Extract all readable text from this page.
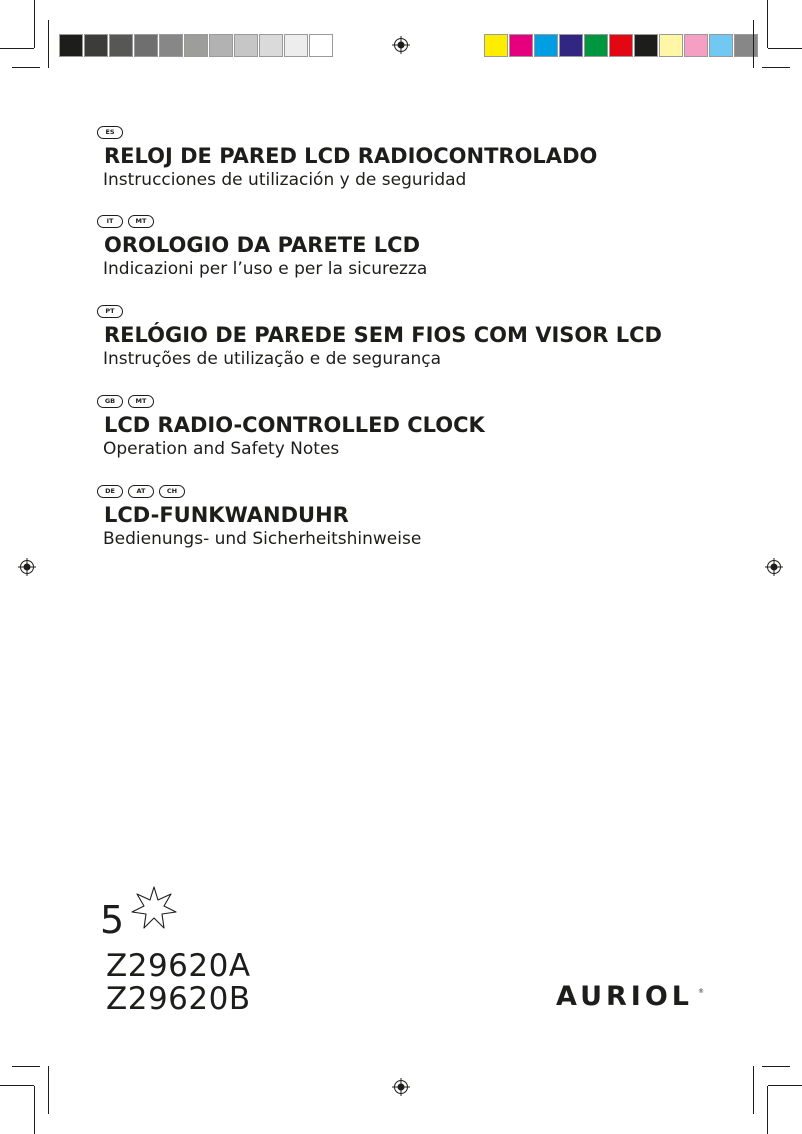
ES
RELOJ DE PARED LCD RADIOCONTROLADO
Instrucciones de utilización y de seguridad
IT	MT
OROLOGIO DA PARETE LCD
Indicazioni per l’uso e per la sicurezza
PT
RELÓGIO DE PAREDE SEM FIOS COM VISOR LCD
Instruções de utilização e de segurança
GB	MT
LCD RADIO-CONTROLLED CLOCK
Operation and Safety Notes
DE	AT	CH
LCD-FUNKWANDUHR
Bedienungs- und Sicherheitshinweise
5
Z29620A
Z29620B	AURIOL ®
